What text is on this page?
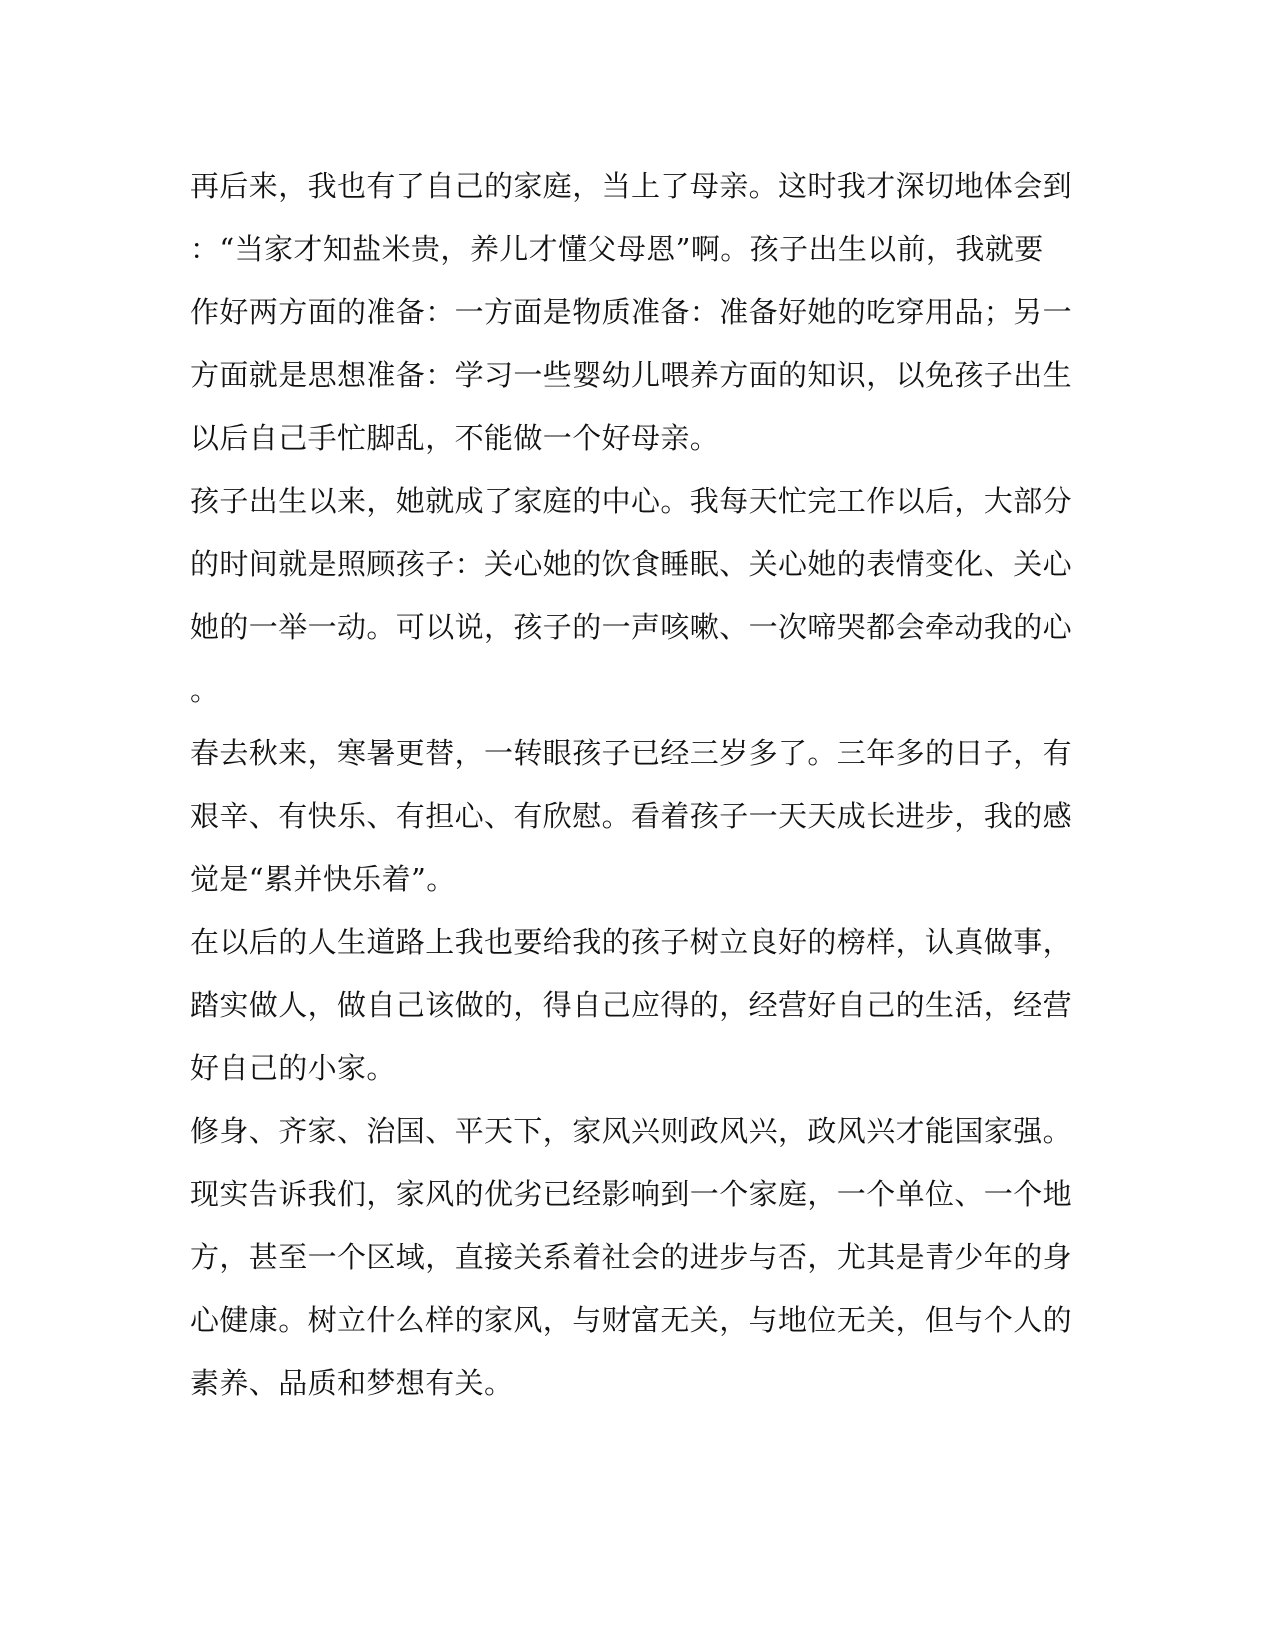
再后来，我也有了自己的家庭，当上了母亲。这时我才深切地体会到
：“当家才知盐米贵，养儿才懂父母恩”啊。孩子出生以前，我就要
作好两方面的准备：一方面是物质准备：准备好她的吃穿用品；另一
方面就是思想准备：学习一些婴幼儿喂养方面的知识，以免孩子出生
以后自己手忙脚乱，不能做一个好母亲。
孩子出生以来，她就成了家庭的中心。我每天忙完工作以后，大部分
的时间就是照顾孩子：关心她的饮食睡眠、关心她的表情变化、关心
她的一举一动。可以说，孩子的一声咳嗽、一次啼哭都会牵动我的心
。
春去秋来，寒暑更替，一转眼孩子已经三岁多了。三年多的日子，有
艰辛、有快乐、有担心、有欣慰。看着孩子一天天成长进步，我的感
觉是“累并快乐着”。
在以后的人生道路上我也要给我的孩子树立良好的榜样，认真做事，
踏实做人，做自己该做的，得自己应得的，经营好自己的生活，经营
好自己的小家。
修身、齐家、治国、平天下，家风兴则政风兴，政风兴才能国家强。
现实告诉我们，家风的优劣已经影响到一个家庭，一个单位、一个地
方，甚至一个区域，直接关系着社会的进步与否，尤其是青少年的身
心健康。树立什么样的家风，与财富无关，与地位无关，但与个人的
素养、品质和梦想有关。
